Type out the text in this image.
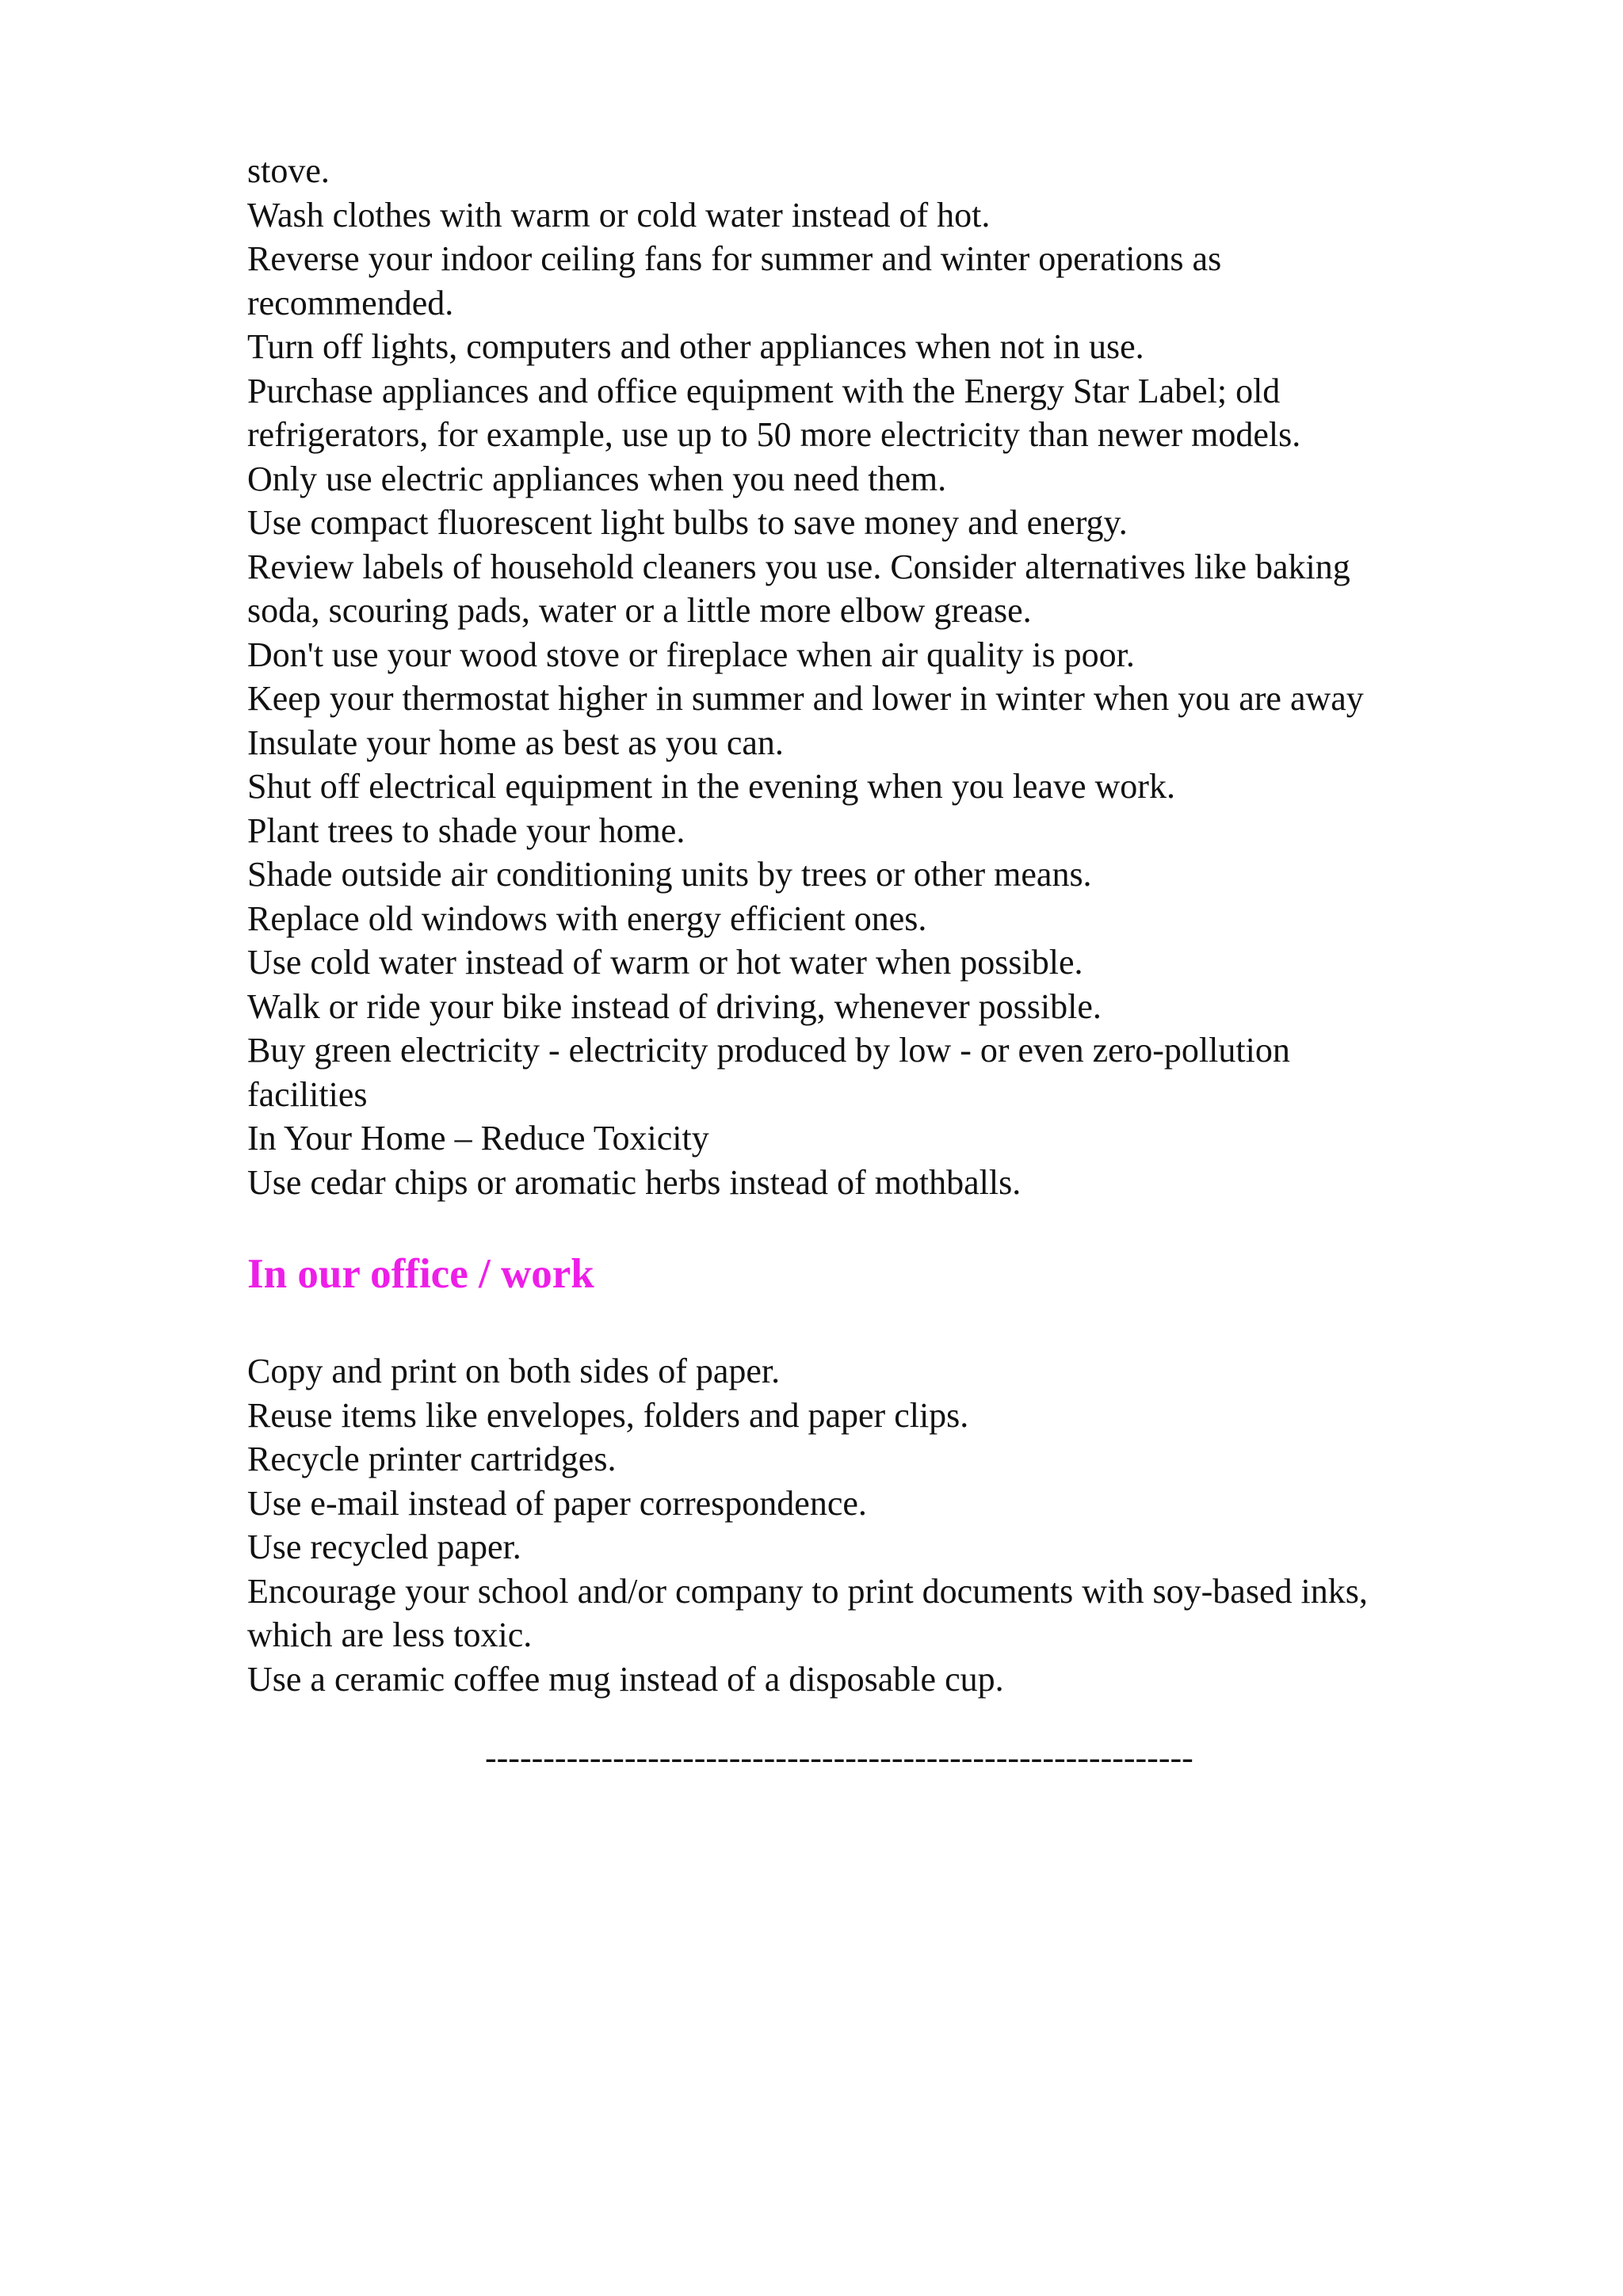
stove.

Wash clothes with warm or cold water instead of hot.

Reverse your indoor ceiling fans for summer and winter operations as recommended.

Turn off lights, computers and other appliances when not in use.

Purchase appliances and office equipment with the Energy Star Label; old refrigerators, for example, use up to 50 more electricity than newer models.

Only use electric appliances when you need them.

Use compact fluorescent light bulbs to save money and energy.

Review labels of household cleaners you use. Consider alternatives like baking soda, scouring pads, water or a little more elbow grease.

Don't use your wood stove or fireplace when air quality is poor.

Keep your thermostat higher in summer and lower in winter when you are away

Insulate your home as best as you can.

Shut off electrical equipment in the evening when you leave work.

Plant trees to shade your home.

Shade outside air conditioning units by trees or other means.

Replace old windows with energy efficient ones.

Use cold water instead of warm or hot water when possible.

Walk or ride your bike instead of driving, whenever possible.

Buy green electricity - electricity produced by low - or even zero-pollution facilities

In Your Home – Reduce Toxicity

Use cedar chips or aromatic herbs instead of mothballs.

In our office / work

Copy and print on both sides of paper.

Reuse items like envelopes, folders and paper clips.

Recycle printer cartridges.

Use e-mail instead of paper correspondence.

Use recycled paper.

Encourage your school and/or company to print documents with soy-based inks, which are less toxic.

Use a ceramic coffee mug instead of a disposable cup.

-------------------------------------------------------------
